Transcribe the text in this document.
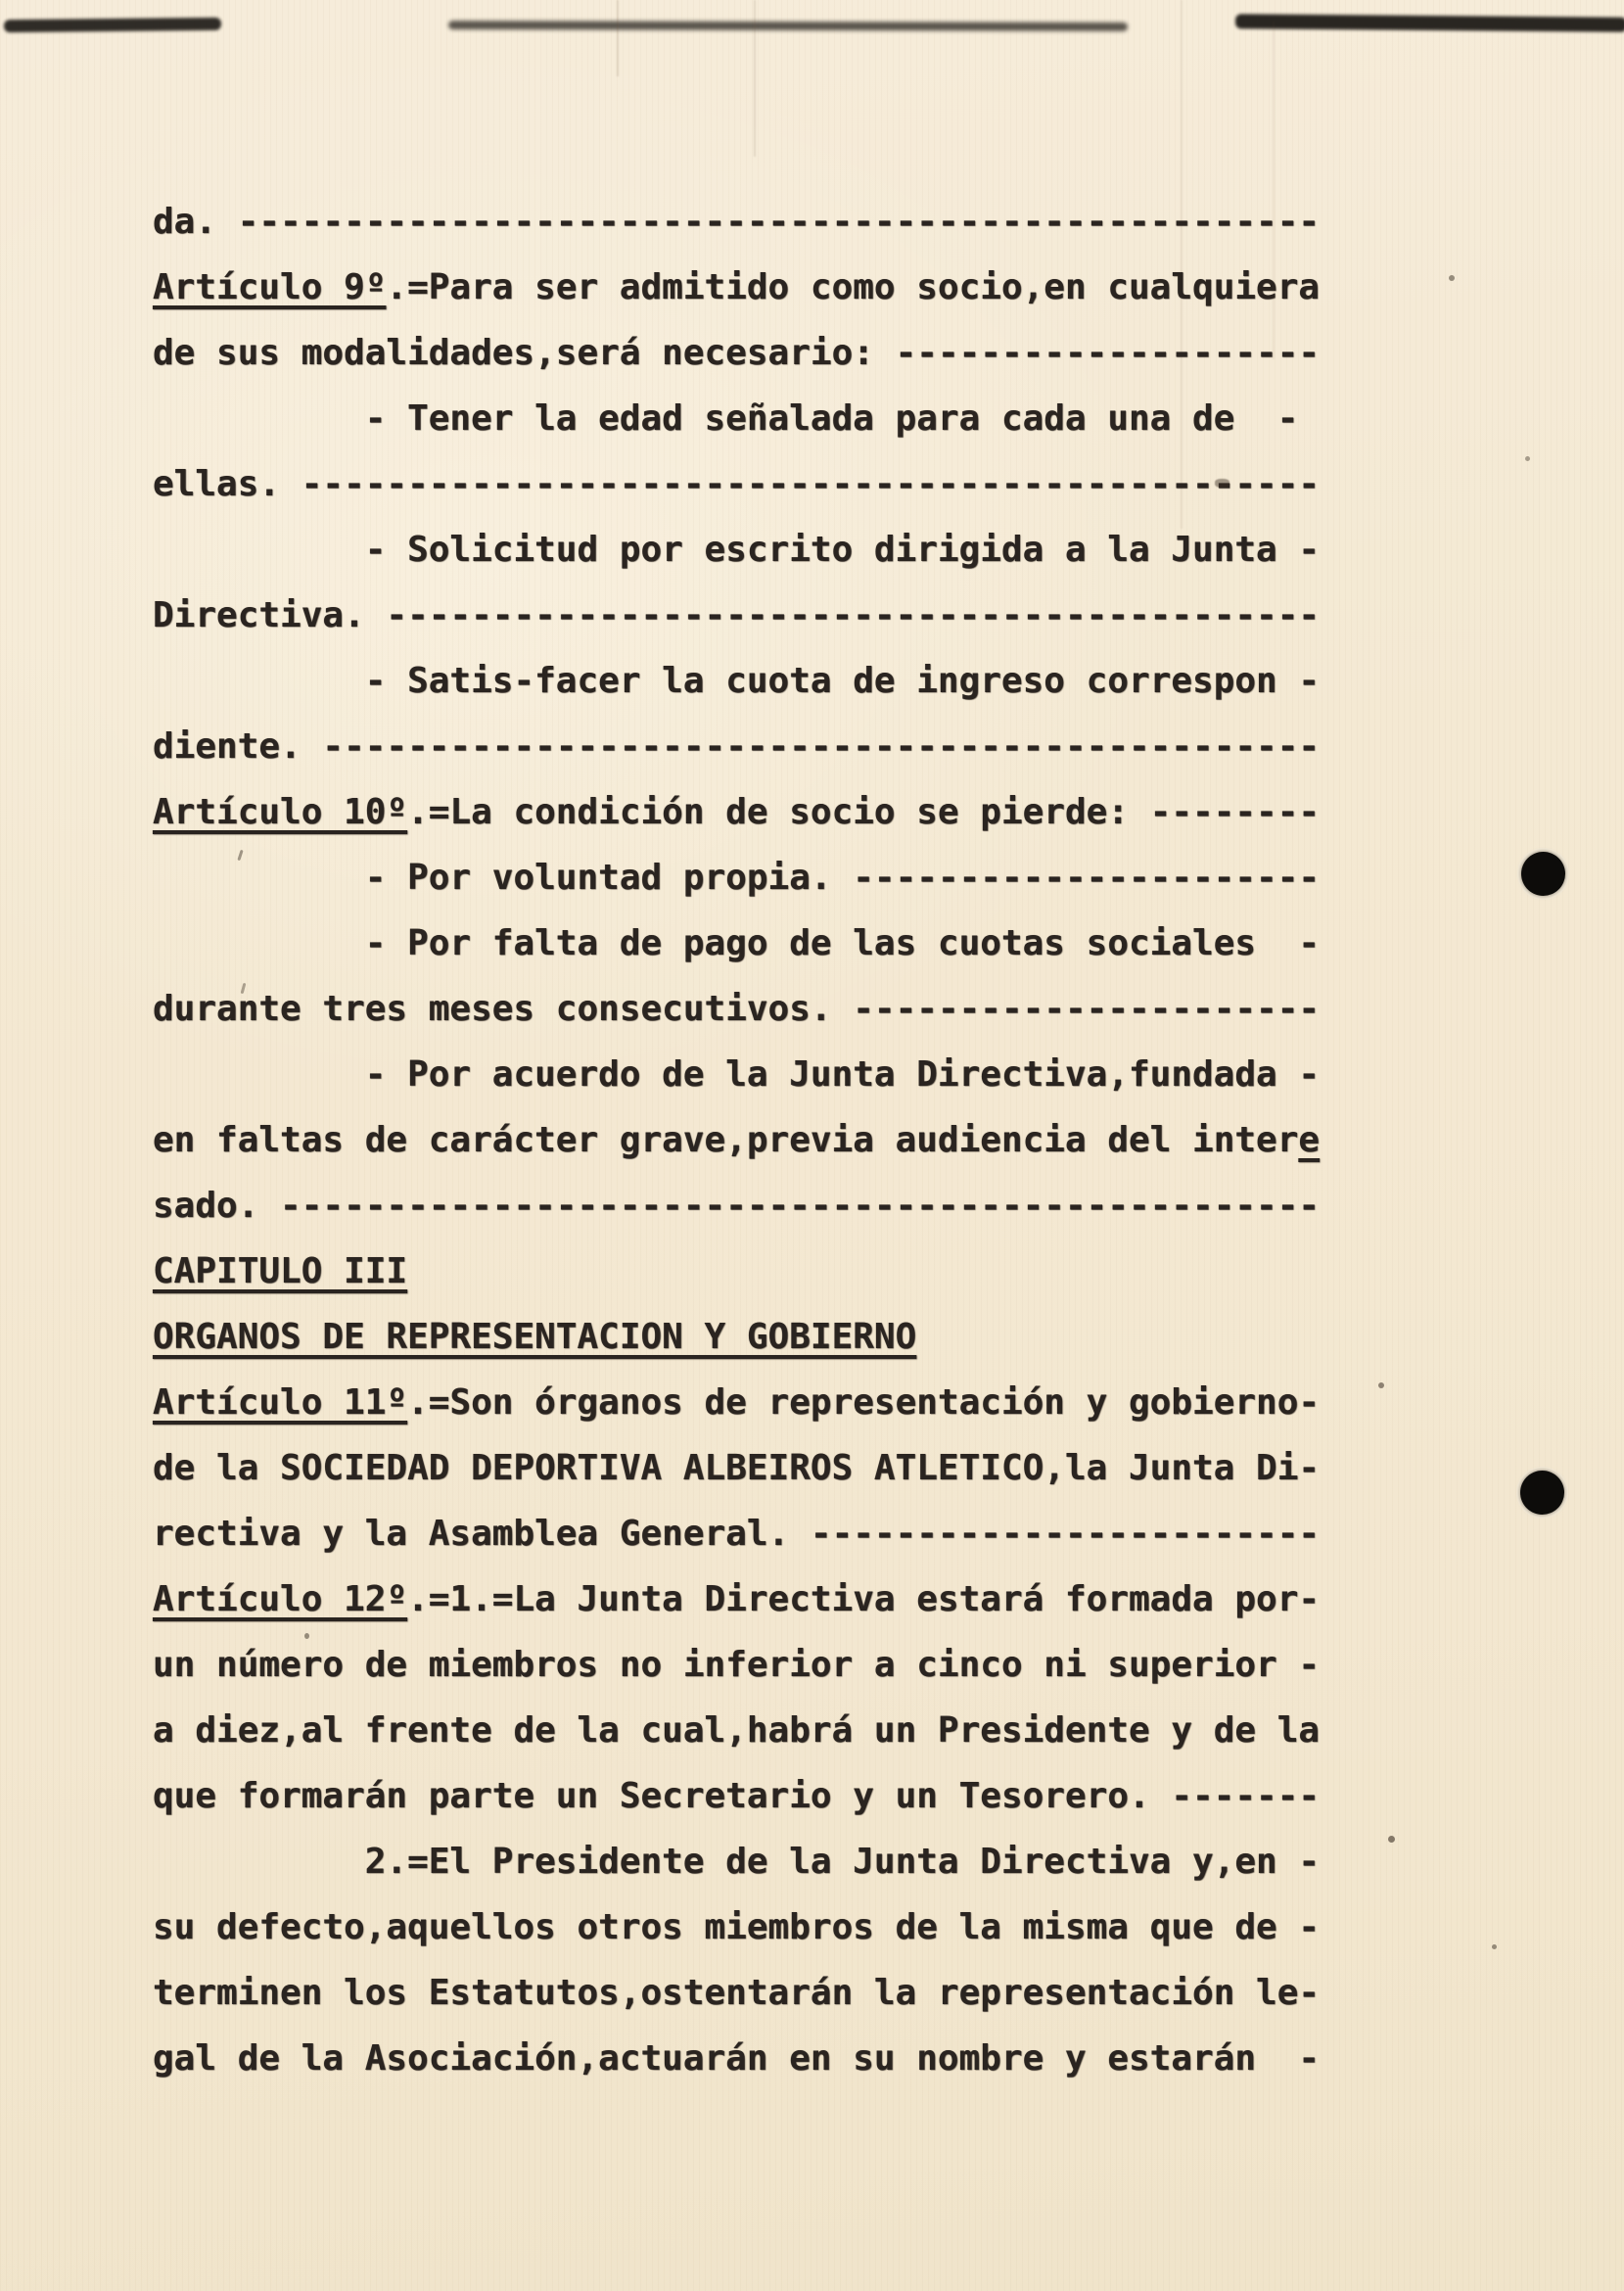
da. ---------------------------------------------------
Artículo 9º.=Para ser admitido como socio,en cualquiera
de sus modalidades,será necesario: --------------------
- Tener la edad señalada para cada una de  -
ellas. ------------------------------------------------
- Solicitud por escrito dirigida a la Junta -
Directiva. --------------------------------------------
- Satis-facer la cuota de ingreso correspon -
diente. -----------------------------------------------
Artículo 10º.=La condición de socio se pierde: --------
- Por voluntad propia. ----------------------
- Por falta de pago de las cuotas sociales  -
durante tres meses consecutivos. ----------------------
- Por acuerdo de la Junta Directiva,fundada -
en faltas de carácter grave,previa audiencia del intere
sado. -------------------------------------------------
CAPITULO III
ORGANOS DE REPRESENTACION Y GOBIERNO
Artículo 11º.=Son órganos de representación y gobierno-
de la SOCIEDAD DEPORTIVA ALBEIROS ATLETICO,la Junta Di-
rectiva y la Asamblea General. ------------------------
Artículo 12º.=1.=La Junta Directiva estará formada por-
un número de miembros no inferior a cinco ni superior -
a diez,al frente de la cual,habrá un Presidente y de la
que formarán parte un Secretario y un Tesorero. -------
2.=El Presidente de la Junta Directiva y,en -
su defecto,aquellos otros miembros de la misma que de -
terminen los Estatutos,ostentarán la representación le-
gal de la Asociación,actuarán en su nombre y estarán  -
